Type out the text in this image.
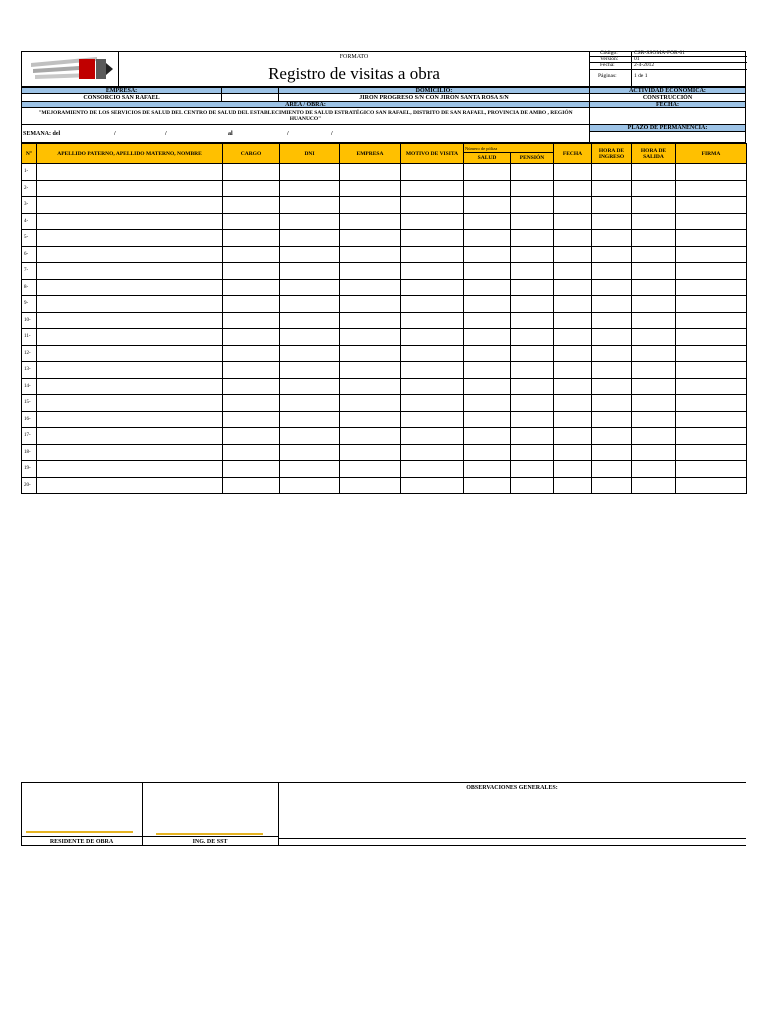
FORMATO
Registro de visitas a obra
Código:	CSR-SSOMA-FOR-01
Versión:	01
Fecha:	2-4-2012
Páginas:	1 de 1
EMPRESA:	DOMICILIO:	ACTIVIDAD ECONOMICA:
CONSORCIO SAN RAFAEL	JIRON PROGRESO S/N CON JIRON SANTA ROSA S/N	CONSTRUCCIÓN
AREA / OBRA:	FECHA:
"MEJORAMIENTO DE LOS SERVICIOS DE SALUD DEL CENTRO DE SALUD DEL ESTABLECIMIENTO DE SALUD ESTRATÉGICO SAN RAFAEL, DISTRITO DE SAN RAFAEL, PROVINCIA DE AMBO , REGIÓN HUANUCO"
SEMANA: del	/	/	al	/	/
PLAZO DE PERMANENCIA:
N°	APELLIDO PATERNO, APELLIDO MATERNO, NOMBRE	CARGO	DNI	EMPRESA	MOTIVO DE VISITA	Número de póliza		FECHA	HORA DE INGRESO	HORA DE SALIDA	FIRMA
						SALUD	PENSIÓN				
1-											
2-											
3-											
4-											
5-											
6-											
7-											
8-											
9-											
10-											
11-											
12-											
13-											
14-											
15-											
16-											
17-											
18-											
19-											
20-											
RESIDENTE DE OBRA	ING. DE SST
OBSERVACIONES GENERALES:
